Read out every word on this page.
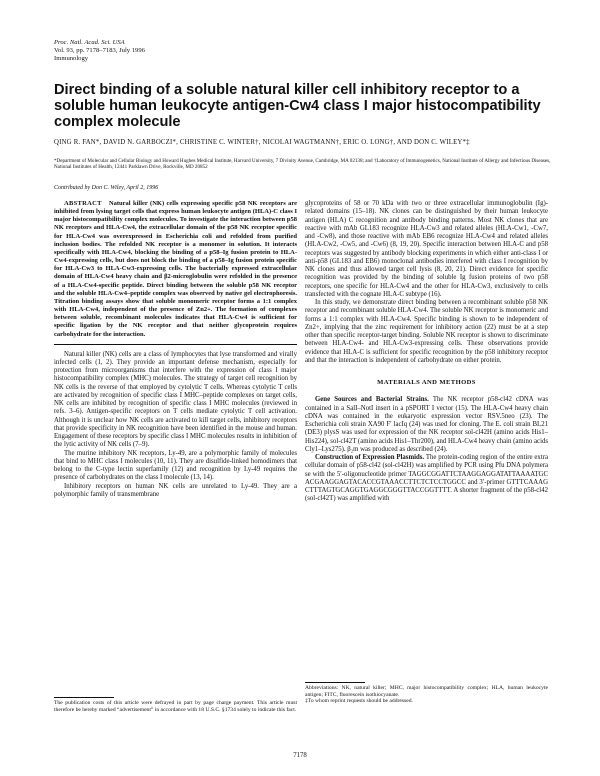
Proc. Natl. Acad. Sci. USA
Vol. 93, pp. 7178–7183, July 1996
Immunology
Direct binding of a soluble natural killer cell inhibitory receptor to a soluble human leukocyte antigen-Cw4 class I major histocompatibility complex molecule
QING R. FAN*, DAVID N. GARBOCZI*, CHRISTINE C. WINTER†, NICOLAI WAGTMANN†, ERIC O. LONG†, AND DON C. WILEY*‡
*Department of Molecular and Cellular Biology and Howard Hughes Medical Institute, Harvard University, 7 Divinity Avenue, Cambridge, MA 02138; and †Laboratory of Immunogenetics, National Institute of Allergy and Infectious Diseases, National Institutes of Health, 12441 Parklawn Drive, Rockville, MD 20852
Contributed by Don C. Wiley, April 2, 1996
ABSTRACT Natural killer (NK) cells expressing specific p58 NK receptors are inhibited from lysing target cells that express human leukocyte antigen (HLA)-C class I major histocompatibility complex molecules. To investigate the interaction between p58 NK receptors and HLA-Cw4, the extracellular domain of the p58 NK receptor specific for HLA-Cw4 was overexpressed in Escherichia coli and refolded from purified inclusion bodies. The refolded NK receptor is a monomer in solution. It interacts specifically with HLA-Cw4, blocking the binding of a p58–Ig fusion protein to HLA-Cw4-expressing cells, but does not block the binding of a p58–Ig fusion protein specific for HLA-Cw3 to HLA-Cw3-expressing cells. The bacterially expressed extracellular domain of HLA-Cw4 heavy chain and β2-microglobulin were refolded in the presence of a HLA-Cw4-specific peptide. Direct binding between the soluble p58 NK receptor and the soluble HLA-Cw4–peptide complex was observed by native gel electrophoresis. Titration binding assays show that soluble monomeric receptor forms a 1:1 complex with HLA-Cw4, independent of the presence of Zn2+. The formation of complexes between soluble, recombinant molecules indicates that HLA-Cw4 is sufficient for specific ligation by the NK receptor and that neither glycoprotein requires carbohydrate for the interaction.

Natural killer (NK) cells are a class of lymphocytes that lyse transformed and virally infected cells (1, 2). They provide an important defense mechanism, especially for protection from microorganisms that interfere with the expression of class I major histocompatibility complex (MHC) molecules. The strategy of target cell recognition by NK cells is the reverse of that employed by cytolytic T cells. Whereas cytolytic T cells are activated by recognition of specific class I MHC–peptide complexes on target cells, NK cells are inhibited by recognition of specific class I MHC molecules (reviewed in refs. 3–6). Antigen-specific receptors on T cells mediate cytolytic T cell activation. Although it is unclear how NK cells are activated to kill target cells, inhibitory receptors that provide specificity in NK recognition have been identified in the mouse and human. Engagement of these receptors by specific class I MHC molecules results in inhibition of the lytic activity of NK cells (7–9).

The murine inhibitory NK receptors, Ly-49, are a polymorphic family of molecules that bind to MHC class I molecules (10, 11). They are disulfide-linked homodimers that belong to the C-type lectin superfamily (12) and recognition by Ly-49 requires the presence of carbohydrates on the class I molecule (13, 14).

Inhibitory receptors on human NK cells are unrelated to Ly-49. They are a polymorphic family of transmembrane

glycoproteins of 58 or 70 kDa with two or three extracellular immunoglobulin (Ig)-related domains (15–18). NK clones can be distinguished by their human leukocyte antigen (HLA) C recognition and antibody binding patterns. Most NK clones that are reactive with mAb GL183 recognize HLA-Cw3 and related alleles (HLA-Cw1, -Cw7, and -Cw8), and those reactive with mAb EB6 recognize HLA-Cw4 and related alleles (HLA-Cw2, -Cw5, and -Cw6) (8, 19, 20). Specific interaction between HLA-C and p58 receptors was suggested by antibody blocking experiments in which either anti-class I or anti-p58 (GL183 and EB6) monoclonal antibodies interfered with class I recognition by NK clones and thus allowed target cell lysis (8, 20, 21). Direct evidence for specific recognition was provided by the binding of soluble Ig fusion proteins of two p58 receptors, one specific for HLA-Cw4 and the other for HLA-Cw3, exclusively to cells transfected with the cognate HLA-C subtype (16).

In this study, we demonstrate direct binding between a recombinant soluble p58 NK receptor and recombinant soluble HLA-Cw4. The soluble NK receptor is monomeric and forms a 1:1 complex with HLA-Cw4. Specific binding is shown to be independent of Zn2+, implying that the zinc requirement for inhibitory action (22) must be at a step other than specific receptor-target binding. Soluble NK receptor is shown to discriminate between HLA-Cw4- and HLA-Cw3-expressing cells. These observations provide evidence that HLA-C is sufficient for specific recognition by the p58 inhibitory receptor and that the interaction is independent of carbohydrate on either protein.

MATERIALS AND METHODS

Gene Sources and Bacterial Strains. The NK receptor p58-cl42 cDNA was contained in a SalI–NotI insert in a pSPORT I vector (15). The HLA-Cw4 heavy chain cDNA was contained in the eukaryotic expression vector RSV.5neo (23). The Escherichia coli strain XA90 F′ lacIq (24) was used for cloning. The E. coli strain BL21 (DE3) plysS was used for expression of the NK receptor sol-cl42H (amino acids His1–His224), sol-cl42T (amino acids His1–Thr200), and HLA-Cw4 heavy chain (amino acids Cly1–Lys275). β₂m was produced as described (24).

Construction of Expression Plasmids. The protein-coding region of the entire extracellular domain of p58-cl42 (sol-cl42H) was amplified by PCR using Pfu DNA polymerase with the 5′-oligonucleotide primer TAGGCGGATTCTAAGGAGGATATTAAAATGCACGAAGGAGTACACCGTAAACCTTCTCTCCTGGCC and 3′-primer GTTTCAAAGCTTTAGTGCAGGTGAGGCGGGTTACCGGTTTT. A shorter fragment of the p58-cl42 (sol-cl42T) was amplified with

The publication costs of this article were defrayed in part by page charge payment. This article must therefore be hereby marked “advertisement” in accordance with 18 U.S.C. §1734 solely to indicate this fact.
Abbreviations: NK, natural killer; MHC, major histocompatibility complex; HLA, human leukocyte antigen; FITC, fluorescein isothiocyanate.
‡To whom reprint requests should be addressed.
7178
